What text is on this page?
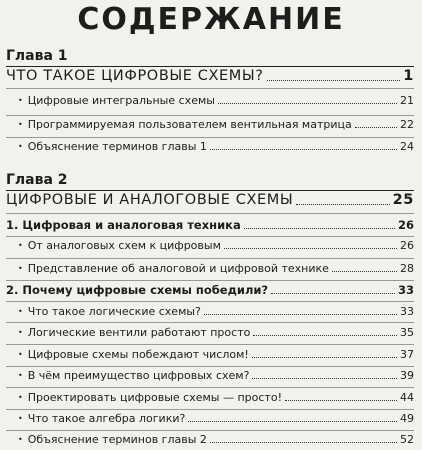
СОДЕРЖАНИЕ
Глава 1
ЧТО ТАКОЕ ЦИФРОВЫЕ СХЕМЫ?	1
• Цифровые интегральные схемы	21
• Программируемая пользователем вентильная матрица	22
• Объяснение терминов главы 1	24
Глава 2
ЦИФРОВЫЕ И АНАЛОГОВЫЕ СХЕМЫ	25
1. Цифровая и аналоговая техника	26
• От аналоговых схем к цифровым	26
• Представление об аналоговой и цифровой технике	28
2. Почему цифровые схемы победили?	33
• Что такое логические схемы?	33
• Логические вентили работают просто	35
• Цифровые схемы побеждают числом!	37
• В чём преимущество цифровых схем?	39
• Проектировать цифровые схемы — просто!	44
• Что такое алгебра логики?	49
• Объяснение терминов главы 2	52
